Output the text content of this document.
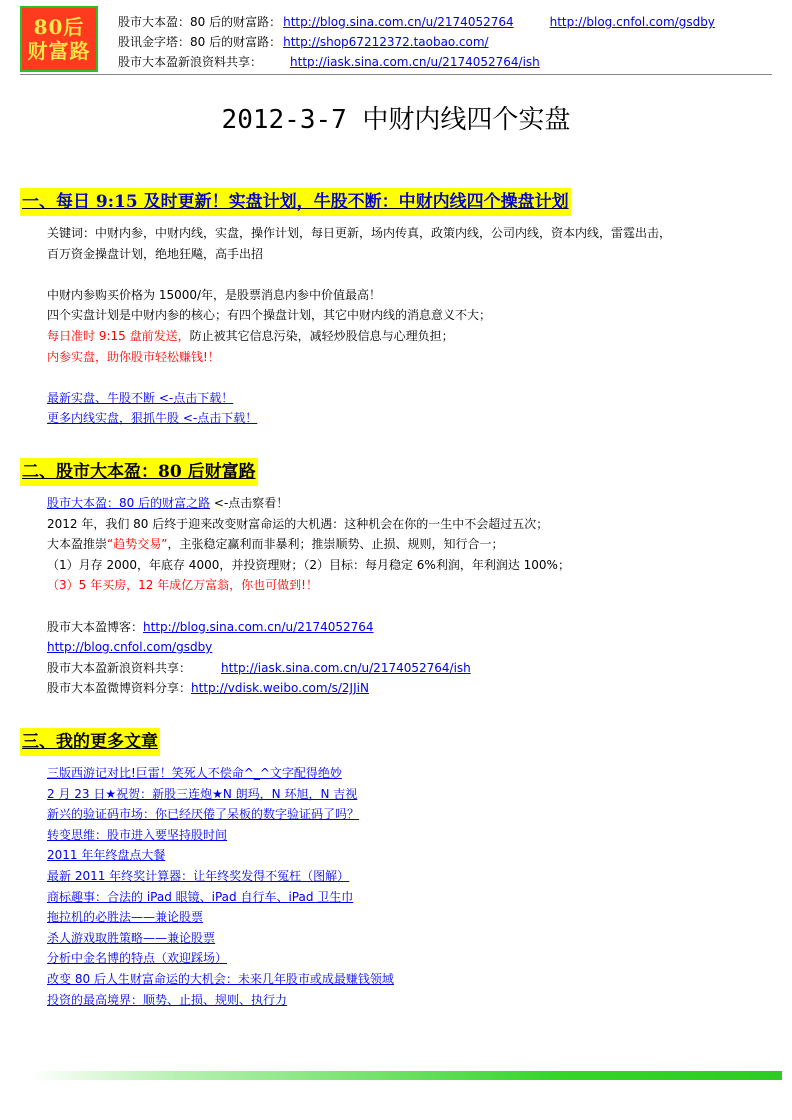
80后
财富路
股市大本盈：80 后的财富路： http://blog.sina.com.cn/u/2174052764	http://blog.cnfol.com/gsdby
股讯金字塔：80 后的财富路： http://shop67212372.taobao.com/
股市大本盈新浪资料共享： http://iask.sina.com.cn/u/2174052764/ish
2012-3-7 中财内线四个实盘
一、每日 9:15 及时更新！实盘计划，牛股不断：中财内线四个操盘计划

关键词：中财内参，中财内线，实盘，操作计划，每日更新，场内传真，政策内线，公司内线，资本内线，雷霆出击，

百万资金操盘计划，绝地狂飚，高手出招

中财内参购买价格为 15000/年，是股票消息内参中价值最高！

四个实盘计划是中财内参的核心；有四个操盘计划，其它中财内线的消息意义不大；

每日准时 9:15 盘前发送，防止被其它信息污染，减轻炒股信息与心理负担；

内参实盘，助你股市轻松赚钱!！

最新实盘、牛股不断 <-点击下载！

更多内线实盘，狠抓牛股 <-点击下载！

二、股市大本盈：80 后财富路

股市大本盈：80 后的财富之路 <-点击察看！

2012 年，我们 80 后终于迎来改变财富命运的大机遇：这种机会在你的一生中不会超过五次；

大本盈推崇“趋势交易”，主张稳定赢利而非暴利；推崇顺势、止损、规则，知行合一；

（1）月存 2000，年底存 4000，并投资理财；（2）目标：每月稳定 6%利润，年利润达 100%；

（3）5 年买房，12 年成亿万富翁，你也可做到!！

股市大本盈博客：http://blog.sina.com.cn/u/2174052764

http://blog.cnfol.com/gsdby

股市大本盈新浪资料共享：	http://iask.sina.com.cn/u/2174052764/ish

股市大本盈微博资料分享：http://vdisk.weibo.com/s/2JJiN

三、我的更多文章

三版西游记对比!巨雷！笑死人不偿命^_^文字配得绝妙

2 月 23 日★祝贺：新股三连炮★N 朗玛，N 环旭，N 吉视

新兴的验证码市场：你已经厌倦了呆板的数字验证码了吗？

转变思维：股市进入要坚持股时间

2011 年年终盘点大餐

最新 2011 年终奖计算器：让年终奖发得不冤枉（图解）

商标趣事：合法的 iPad 眼镜、iPad 自行车、iPad 卫生巾

拖拉机的必胜法——兼论股票

杀人游戏取胜策略——兼论股票

分析中金名博的特点（欢迎踩场）

改变 80 后人生财富命运的大机会：未来几年股市或成最赚钱领域

投资的最高境界：顺势、止损、规则、执行力
